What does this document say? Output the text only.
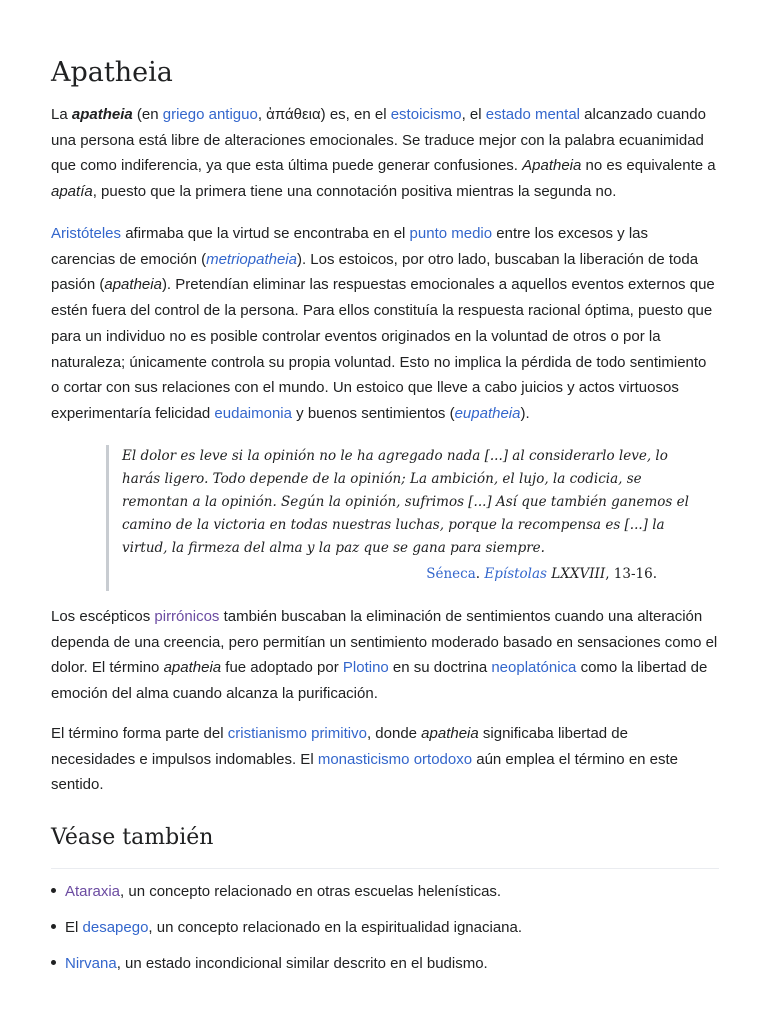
Apatheia
La apatheia (en griego antiguo, ἀπάθεια) es, en el estoicismo, el estado mental alcanzado cuando
una persona está libre de alteraciones emocionales. Se traduce mejor con la palabra ecuanimidad
que como indiferencia, ya que esta última puede generar confusiones. Apatheia no es equivalente a
apatía, puesto que la primera tiene una connotación positiva mientras la segunda no.
Aristóteles afirmaba que la virtud se encontraba en el punto medio entre los excesos y las
carencias de emoción (metriopatheia). Los estoicos, por otro lado, buscaban la liberación de toda
pasión (apatheia). Pretendían eliminar las respuestas emocionales a aquellos eventos externos que
estén fuera del control de la persona. Para ellos constituía la respuesta racional óptima, puesto que
para un individuo no es posible controlar eventos originados en la voluntad de otros o por la
naturaleza; únicamente controla su propia voluntad. Esto no implica la pérdida de todo sentimiento
o cortar con sus relaciones con el mundo. Un estoico que lleve a cabo juicios y actos virtuosos
experimentaría felicidad eudaimonia y buenos sentimientos (eupatheia).
El dolor es leve si la opinión no le ha agregado nada [...] al considerarlo leve, lo
harás ligero. Todo depende de la opinión; La ambición, el lujo, la codicia, se
remontan a la opinión. Según la opinión, sufrimos [...] Así que también ganemos el
camino de la victoria en todas nuestras luchas, porque la recompensa es [...] la
virtud, la firmeza del alma y la paz que se gana para siempre.
Séneca. Epístolas LXXVIII, 13-16.
Los escépticos pirrónicos también buscaban la eliminación de sentimientos cuando una alteración
dependa de una creencia, pero permitían un sentimiento moderado basado en sensaciones como el
dolor. El término apatheia fue adoptado por Plotino en su doctrina neoplatónica como la libertad de
emoción del alma cuando alcanza la purificación.
El término forma parte del cristianismo primitivo, donde apatheia significaba libertad de
necesidades e impulsos indomables. El monasticismo ortodoxo aún emplea el término en este
sentido.
Véase también
Ataraxia, un concepto relacionado en otras escuelas helenísticas.
El desapego, un concepto relacionado en la espiritualidad ignaciana.
Nirvana, un estado incondicional similar descrito en el budismo.
